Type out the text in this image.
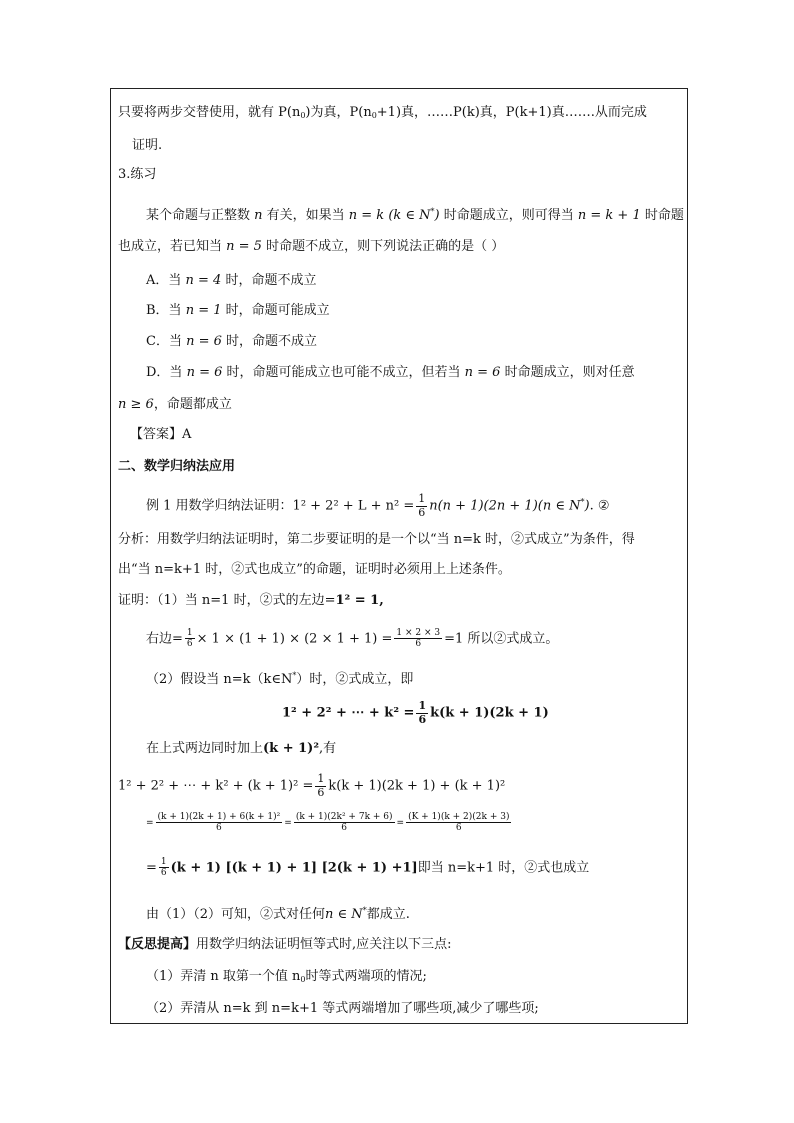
只要将两步交替使用，就有 $P(n_0)$为真，$P(n_0+1)$真，……P(k)真，P(k+1)真…….从而完成
证明.
3.练习
某个命题与正整数 n 有关，如果当 n = k (k ∈ N*) 时命题成立，则可得当 n = k + 1 时命题
也成立，若已知当 n = 5 时命题不成立，则下列说法正确的是（ ）
A．当 n = 4 时，命题不成立
B．当 n = 1 时，命题可能成立
C．当 n = 6 时，命题不成立
D．当 n = 6 时，命题可能成立也可能不成立，但若当 n = 6 时命题成立，则对任意
n ≥ 6，命题都成立
【答案】A
二、数学归纳法应用
例 1 用数学归纳法证明：$1^2 + 2^2 + L + n^2 = \frac{1}{6} n(n + 1)(2n + 1)(n$ ∈ N*). ②
分析：用数学归纳法证明时，第二步要证明的是一个以“当 n=k 时，②式成立”为条件，得
出“当 n=k+1 时，②式也成立”的命题，证明时必须用上上述条件。
证明：（1）当 n=1 时，②式的左边=1² = 1,
右边= $\frac{1}{6} \times 1 \times (1 + 1) \times (2 \times 1 + 1) = \frac{1 \times 2 \times 3}{6} =1$ 所以②式成立。
（2）假设当 n=k（k∈N*）时，②式成立，即
1² + 2² + ⋯ + $k^2 = \frac{1}{6} k(k + 1)(2k + 1)$
在上式两边同时加上(k + 1)²,有
1² + 2² + ⋯ + $k^2 + (k + 1)^2 = \frac{1}{6} k(k + 1)(2k + 1) + (k + 1)^2$
= $\frac{\text{(k + 1)(2k + 1) + 6(k + 1)²}}{6} = \frac{\text{(k + 1)(2k² + 7k + 6)}}{6} = \frac{(K + 1)(k + 2)(2k + 3)}{6}$
= $\frac{1}{6} (k + 1) [(k + 1) + 1] [2(k + 1) +1]$即当 n=k+1 时，②式也成立
由（1）（2）可知，②式对任何n ∈ N*都成立.
【反思提高】用数学归纳法证明恒等式时,应关注以下三点:
（1）弄清 n 取第一个值 $n_0$时等式两端项的情况;
（2）弄清从 n=k 到 n=k+1 等式两端增加了哪些项,减少了哪些项;
